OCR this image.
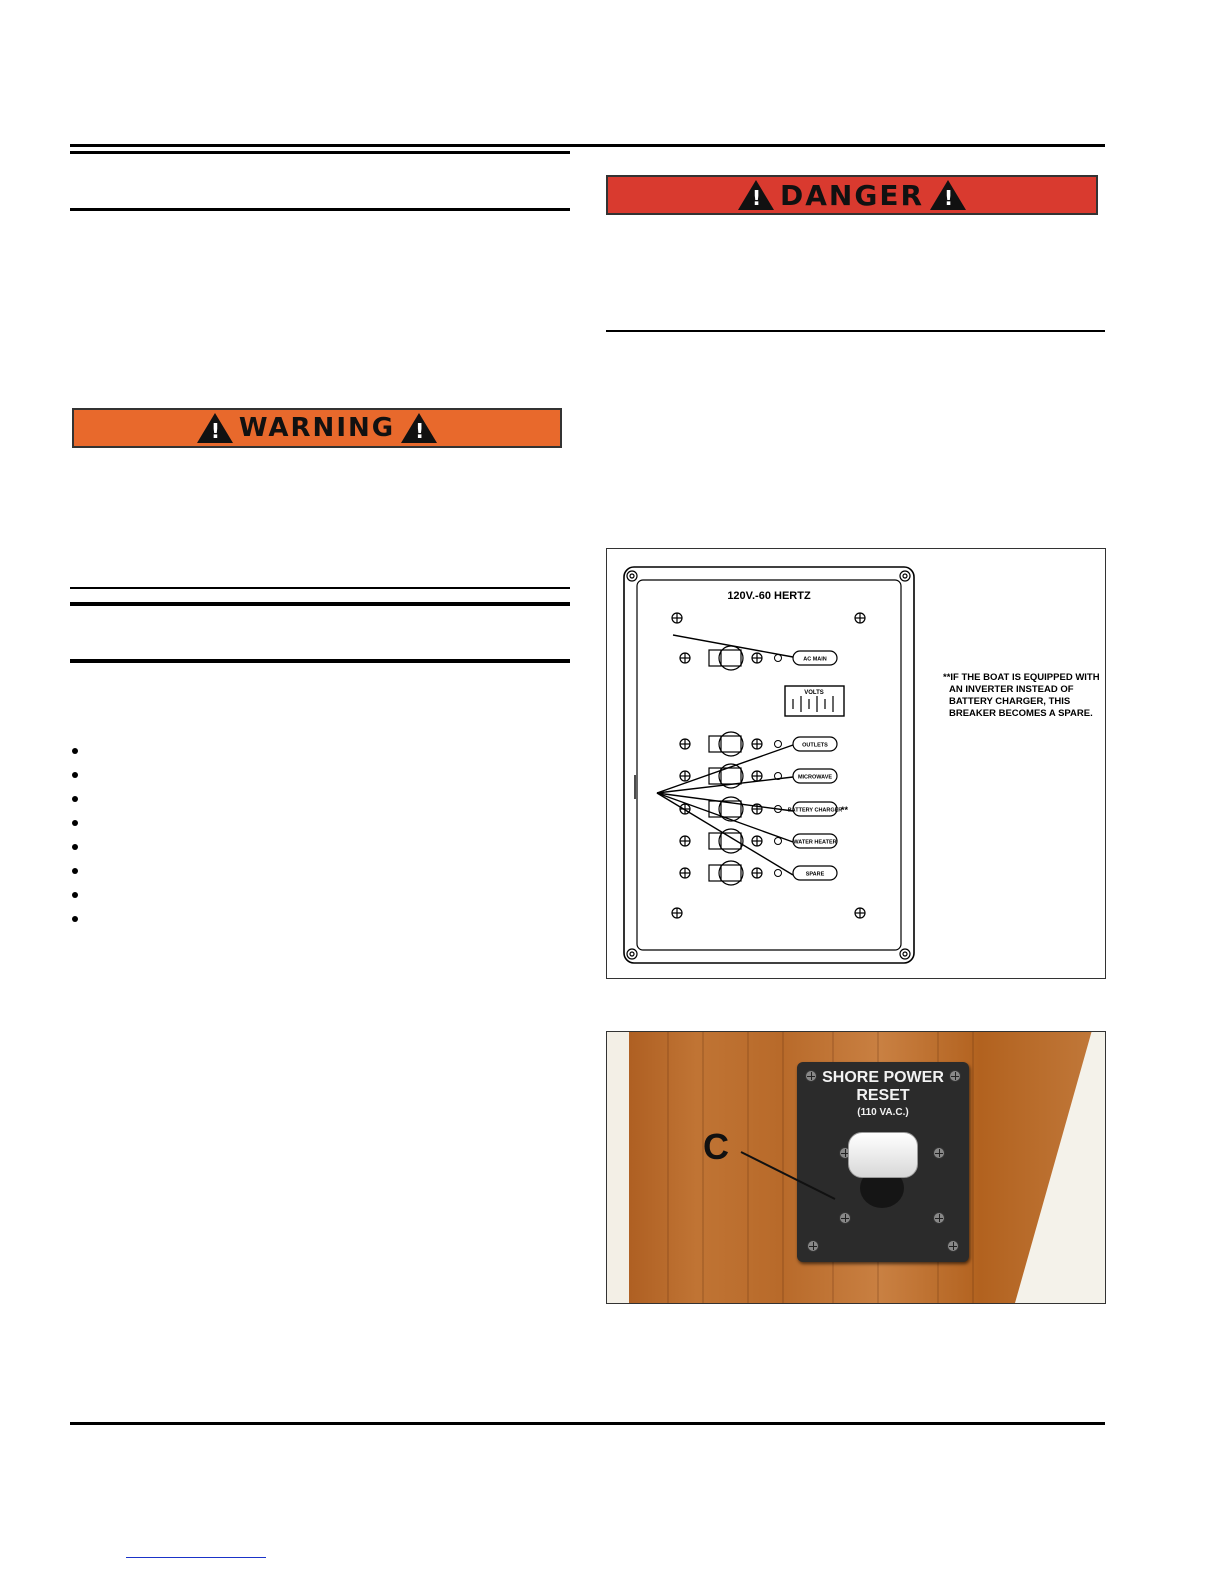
!
WARNING
!
!
DANGER
!
120V.-60 HERTZ
VOLTS
AC MAIN
OUTLETS
MICROWAVE
BATTERY CHARGER
**
WATER HEATER
SPARE
**IF THE BOAT IS EQUIPPED WITH
AN INVERTER INSTEAD OF
BATTERY CHARGER, THIS
BREAKER BECOMES A SPARE.
SHORE POWER
RESET
(110 VA.C.)
C
